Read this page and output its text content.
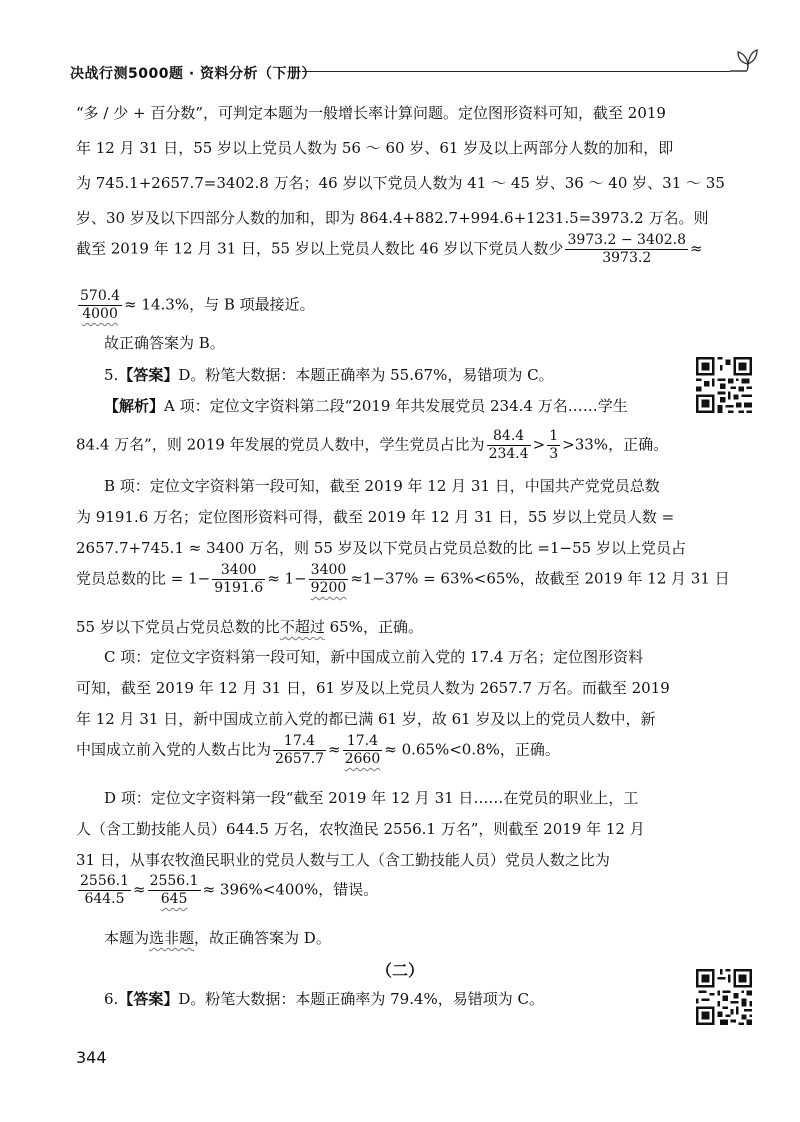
决战行测5000题 · 资料分析（下册）
“多 / 少 + 百分数”，可判定本题为一般增长率计算问题。定位图形资料可知，截至 2019
年 12 月 31 日，55 岁以上党员人数为 56 ～ 60 岁、61 岁及以上两部分人数的加和，即
为 745.1+2657.7=3402.8 万名；46 岁以下党员人数为 41 ～ 45 岁、36 ～ 40 岁、31 ～ 35
岁、30 岁及以下四部分人数的加和，即为 864.4+882.7+994.6+1231.5=3973.2 万名。则
截至 2019 年 12 月 31 日，55 岁以上党员人数比 46 岁以下党员人数少 $\frac{3973.2 - 3402.8}{3973.2}$ ≈
$\frac{570.4}{4000} \approx 14.3\%$，与 B 项最接近。
故正确答案为 B。
5.【答案】D。粉笔大数据：本题正确率为 55.67%，易错项为 C。
【解析】A 项：定位文字资料第二段“2019 年共发展党员 234.4 万名……学生
84.4 万名”，则 2019 年发展的党员人数中，学生党员占比为 $\frac{84.4}{234.4} > \frac{1}{3} >33\%$，正确。
B 项：定位文字资料第一段可知，截至 2019 年 12 月 31 日，中国共产党党员总数
为 9191.6 万名；定位图形资料可得，截至 2019 年 12 月 31 日，55 岁以上党员人数 =
2657.7+745.1 ≈ 3400 万名，则 55 岁及以下党员占党员总数的比 =1−55 岁以上党员占
党员总数的比 = $1- \frac{3400}{9191.6} \approx 1- \frac{3400}{9200} \approx 1-37\% = 63\%<65\%$，故截至 2019 年 12 月 31 日
55 岁以下党员占党员总数的比不超过 65%，正确。
C 项：定位文字资料第一段可知，新中国成立前入党的 17.4 万名；定位图形资料
可知，截至 2019 年 12 月 31 日，61 岁及以上党员人数为 2657.7 万名。而截至 2019
年 12 月 31 日，新中国成立前入党的都已满 61 岁，故 61 岁及以上的党员人数中，新
中国成立前入党的人数占比为 $\frac{17.4}{2657.7} \approx \frac{17.4}{2660} \approx 0.65\%<0.8\%$，正确。
D 项：定位文字资料第一段“截至 2019 年 12 月 31 日……在党员的职业上，工
人（含工勤技能人员）644.5 万名，农牧渔民 2556.1 万名”，则截至 2019 年 12 月
31 日，从事农牧渔民职业的党员人数与工人（含工勤技能人员）党员人数之比为
$\frac{2556.1}{644.5} \approx \frac{2556.1}{645} \approx 396\%<400\%$，错误。
本题为选非题，故正确答案为 D。
（二）
6.【答案】D。粉笔大数据：本题正确率为 79.4%，易错项为 C。
344
